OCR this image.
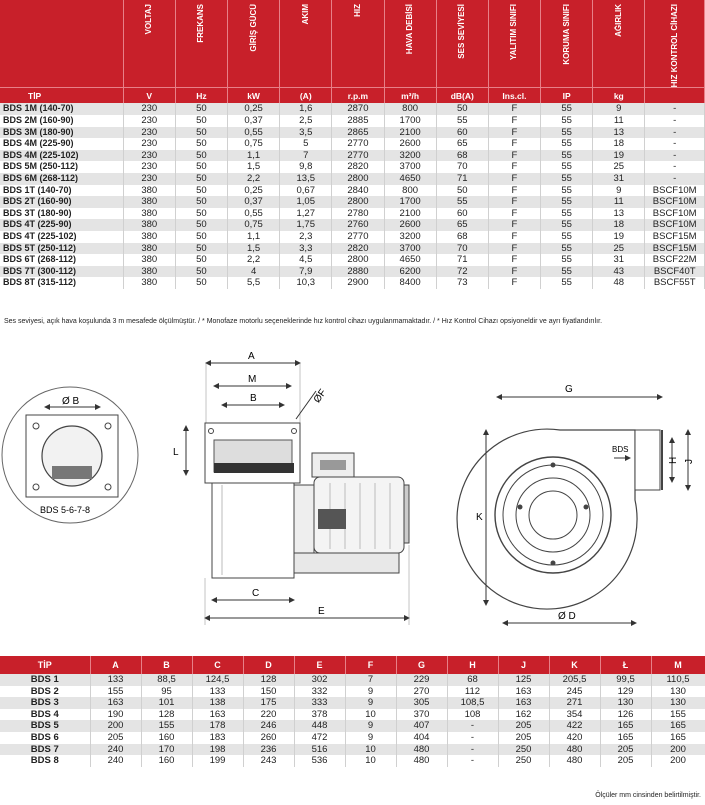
	VOLTAJ	FREKANS	GİRİŞ GÜCÜ	AKIM	HIZ	HAVA DEBİSİ	SES SEVİYESİ	YALITIM SINIFI	KORUMA SINIFI	AĞIRLIK	HIZ KONTROL CİHAZI

TİP	V	Hz	kW	(A)	r.p.m	m³/h	dB(A)	Ins.cl.	IP	kg	
BDS 1M (140-70)	230	50	0,25	1,6	2870	800	50	F	55	9	-
BDS 2M (160-90)	230	50	0,37	2,5	2885	1700	55	F	55	11	-
BDS 3M (180-90)	230	50	0,55	3,5	2865	2100	60	F	55	13	-
BDS 4M (225-90)	230	50	0,75	5	2770	2600	65	F	55	18	-
BDS 4M (225-102)	230	50	1,1	7	2770	3200	68	F	55	19	-
BDS 5M (250-112)	230	50	1,5	9,8	2820	3700	70	F	55	25	-
BDS 6M (268-112)	230	50	2,2	13,5	2800	4650	71	F	55	31	-
BDS 1T (140-70)	380	50	0,25	0,67	2840	800	50	F	55	9	BSCF10M
BDS 2T (160-90)	380	50	0,37	1,05	2800	1700	55	F	55	11	BSCF10M
BDS 3T (180-90)	380	50	0,55	1,27	2780	2100	60	F	55	13	BSCF10M
BDS 4T (225-90)	380	50	0,75	1,75	2760	2600	65	F	55	18	BSCF10M
BDS 4T (225-102)	380	50	1,1	2,3	2770	3200	68	F	55	19	BSCF15M
BDS 5T (250-112)	380	50	1,5	3,3	2820	3700	70	F	55	25	BSCF15M
BDS 6T (268-112)	380	50	2,2	4,5	2800	4650	71	F	55	31	BSCF22M
BDS 7T (300-112)	380	50	4	7,9	2880	6200	72	F	55	43	BSCF40T
BDS 8T (315-112)	380	50	5,5	10,3	2900	8400	73	F	55	48	BSCF55T
Ses seviyesi, açık hava koşulunda 3 m mesafede ölçülmüştür. / * Monofaze motorlu seçeneklerinde hız kontrol cihazı uygulanmamaktadır. / * Hız Kontrol Cihazı opsiyoneldir ve ayrı fiyatlandırılır.
Ø B
BDS 5-6-7-8
A
M
B	ØF
L
C
E
G
BDS
H J
K
Ø D
TİP	A	B	C	D	E	F	G	H	J	K	Ł	M
BDS 1	133	88,5	124,5	128	302	7	229	68	125	205,5	99,5	110,5
BDS 2	155	95	133	150	332	9	270	112	163	245	129	130
BDS 3	163	101	138	175	333	9	305	108,5	163	271	130	130
BDS 4	190	128	163	220	378	10	370	108	162	354	126	155
BDS 5	200	155	178	246	448	9	407	-	205	422	165	165
BDS 6	205	160	183	260	472	9	404	-	205	420	165	165
BDS 7	240	170	198	236	516	10	480	-	250	480	205	200
BDS 8	240	160	199	243	536	10	480	-	250	480	205	200
Ölçüler mm cinsinden belirtilmiştir.
